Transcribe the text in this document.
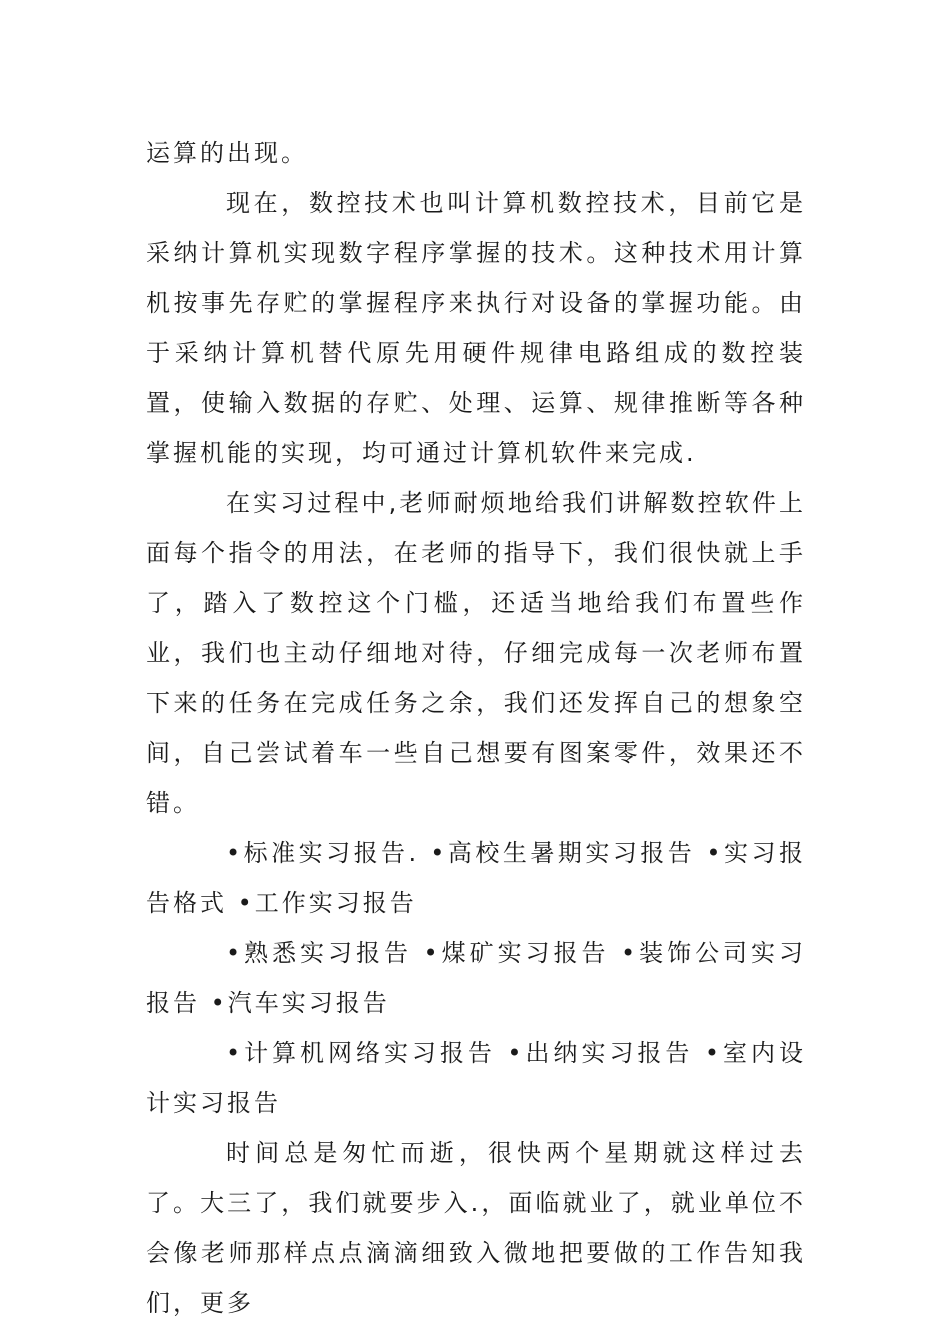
运算的出现。

现在，数控技术也叫计算机数控技术，目前它是采纳计算机实现数字程序掌握的技术。这种技术用计算机按事先存贮的掌握程序来执行对设备的掌握功能。由于采纳计算机替代原先用硬件规律电路组成的数控装置，使输入数据的存贮、处理、运算、规律推断等各种掌握机能的实现，均可通过计算机软件来完成.

在实习过程中,老师耐烦地给我们讲解数控软件上面每个指令的用法，在老师的指导下，我们很快就上手了，踏入了数控这个门槛，还适当地给我们布置些作业，我们也主动仔细地对待，仔细完成每一次老师布置下来的任务在完成任务之余，我们还发挥自己的想象空间，自己尝试着车一些自己想要有图案零件，效果还不错。

•标准实习报告. •高校生暑期实习报告 •实习报告格式 •工作实习报告

•熟悉实习报告 •煤矿实习报告 •装饰公司实习报告 •汽车实习报告

•计算机网络实习报告 •出纳实习报告 •室内设计实习报告

时间总是匆忙而逝，很快两个星期就这样过去了。大三了，我们就要步入.，面临就业了，就业单位不会像老师那样点点滴滴细致入微地把要做的工作告知我们，更多
